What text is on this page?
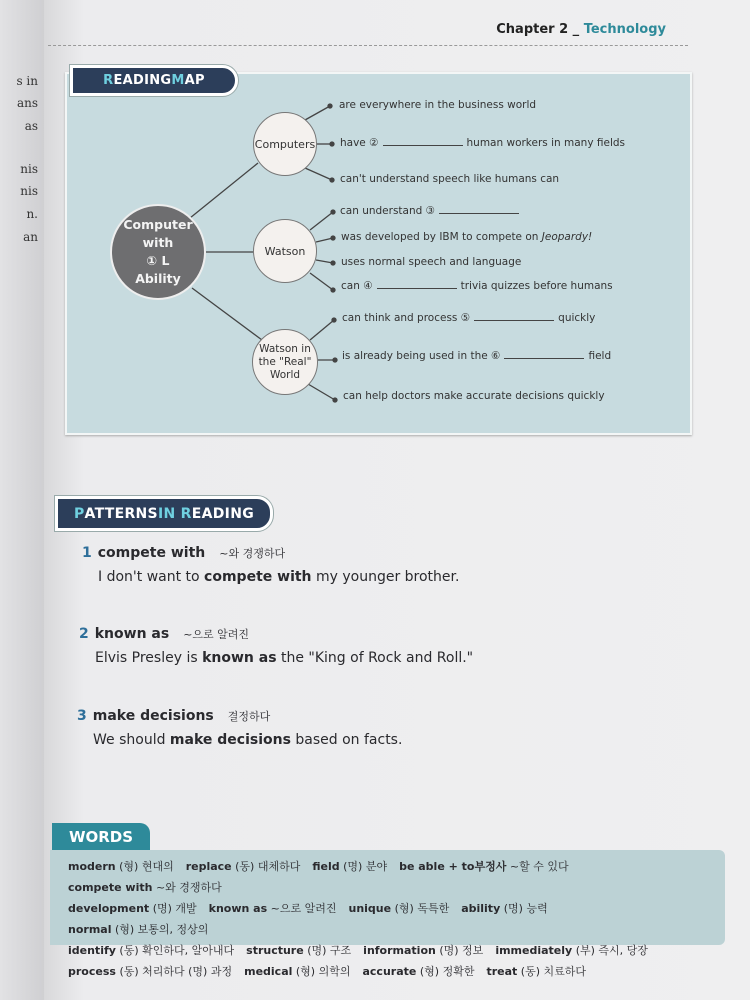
s in
ans
as
nis
nis
n.
an
Chapter 2 _ Technology
R EADING M AP
Computer
with
① L
Ability
Computers
Watson
Watson in the "Real" World
are everywhere in the business world
have ②	human workers in many fields
can't understand speech like humans can
can understand ③
was developed by IBM to compete on Jeopardy!
uses normal speech and language
can ④	trivia quizzes before humans
can think and process ⑤	quickly
is already being used in the ⑥	field
can help doctors make accurate decisions quickly
P ATTERNS IN
R EADING
1 compete with ~와 경쟁하다
I don't want to compete with my younger brother.
2 known as ~으로 알려진
Elvis Presley is known as the "King of Rock and Roll."
3 make decisions 결정하다
We should make decisions based on facts.
WORDS
modern (형) 현대의 replace (동) 대체하다 field (명) 분야 be able + to부정사 ~할 수 있다compete with ~와 경쟁하다
development (명) 개발 known as ~으로 알려진 unique (형) 독특한 ability (명) 능력normal (형) 보통의, 정상의
identify (동) 확인하다, 알아내다 structure (명) 구조 information (명) 정보 immediately (부) 즉시, 당장
process (동) 처리하다 (명) 과정 medical (형) 의학의 accurate (형) 정확한 treat (동) 치료하다
